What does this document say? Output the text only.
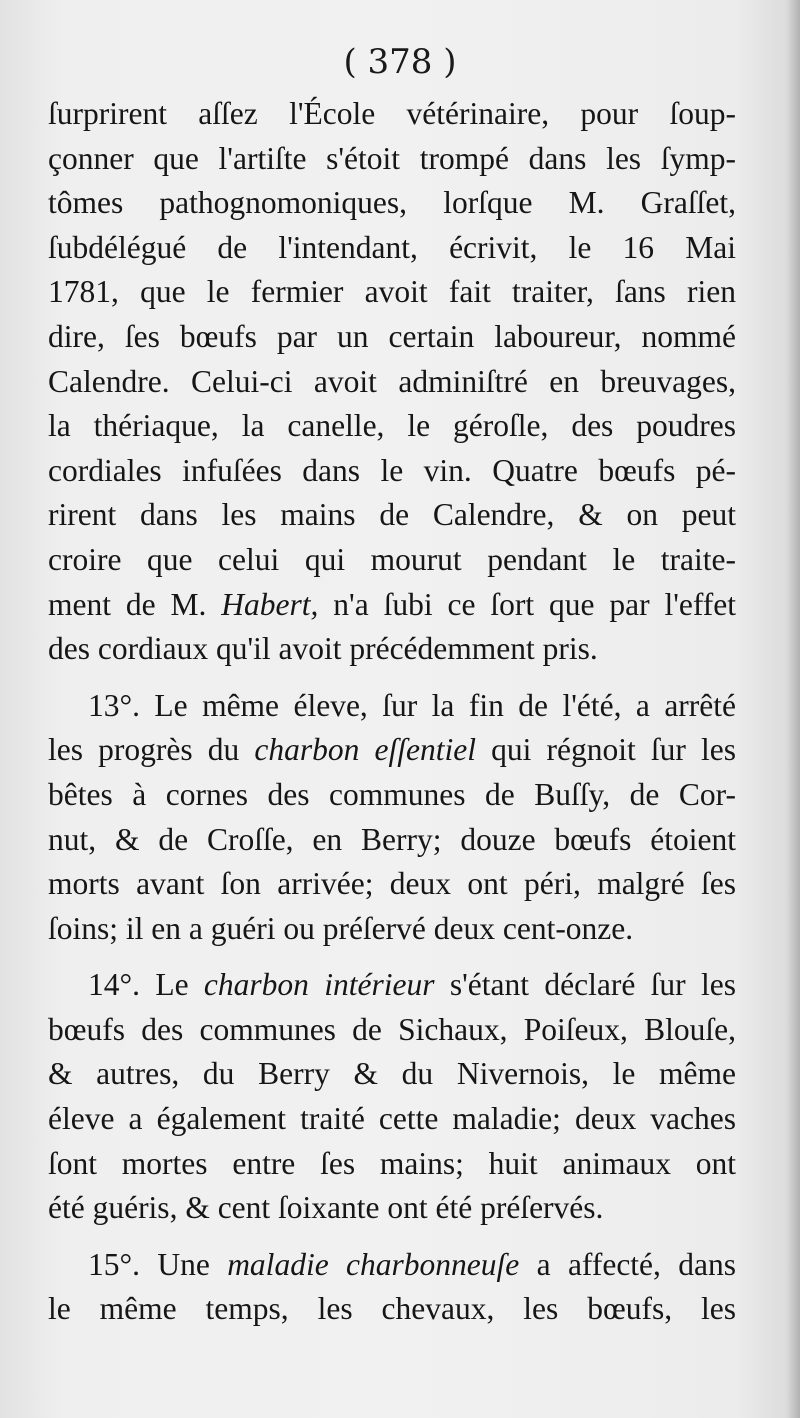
( 378 )

ſurprirent aſſez l'École vétérinaire, pour ſoup-
çonner que l'artiſte s'étoit trompé dans les ſymp-
tômes pathognomoniques, lorſque M. Graſſet,
ſubdélégué de l'intendant, écrivit, le 16 Mai
1781, que le fermier avoit fait traiter, ſans rien
dire, ſes bœufs par un certain laboureur, nommé
Calendre. Celui-ci avoit adminiſtré en breuvages,
la thériaque, la canelle, le géroſle, des poudres
cordiales infuſées dans le vin. Quatre bœufs pé-
rirent dans les mains de Calendre, & on peut
croire que celui qui mourut pendant le traite-
ment de M. Habert, n'a ſubi ce ſort que par l'effet
des cordiaux qu'il avoit précédemment pris.
13°. Le même éleve, ſur la fin de l'été, a arrêté
les progrès du charbon eſſentiel qui régnoit ſur les
bêtes à cornes des communes de Buſſy, de Cor-
nut, & de Croſſe, en Berry; douze bœufs étoient
morts avant ſon arrivée; deux ont péri, malgré ſes
ſoins; il en a guéri ou préſervé deux cent-onze.
14°. Le charbon intérieur s'étant déclaré ſur les
bœufs des communes de Sichaux, Poiſeux, Blouſe,
& autres, du Berry & du Nivernois, le même
éleve a également traité cette maladie; deux vaches
ſont mortes entre ſes mains; huit animaux ont
été guéris, & cent ſoixante ont été préſervés.
15°. Une maladie charbonneuſe a affecté, dans
le même temps, les chevaux, les bœufs, les
